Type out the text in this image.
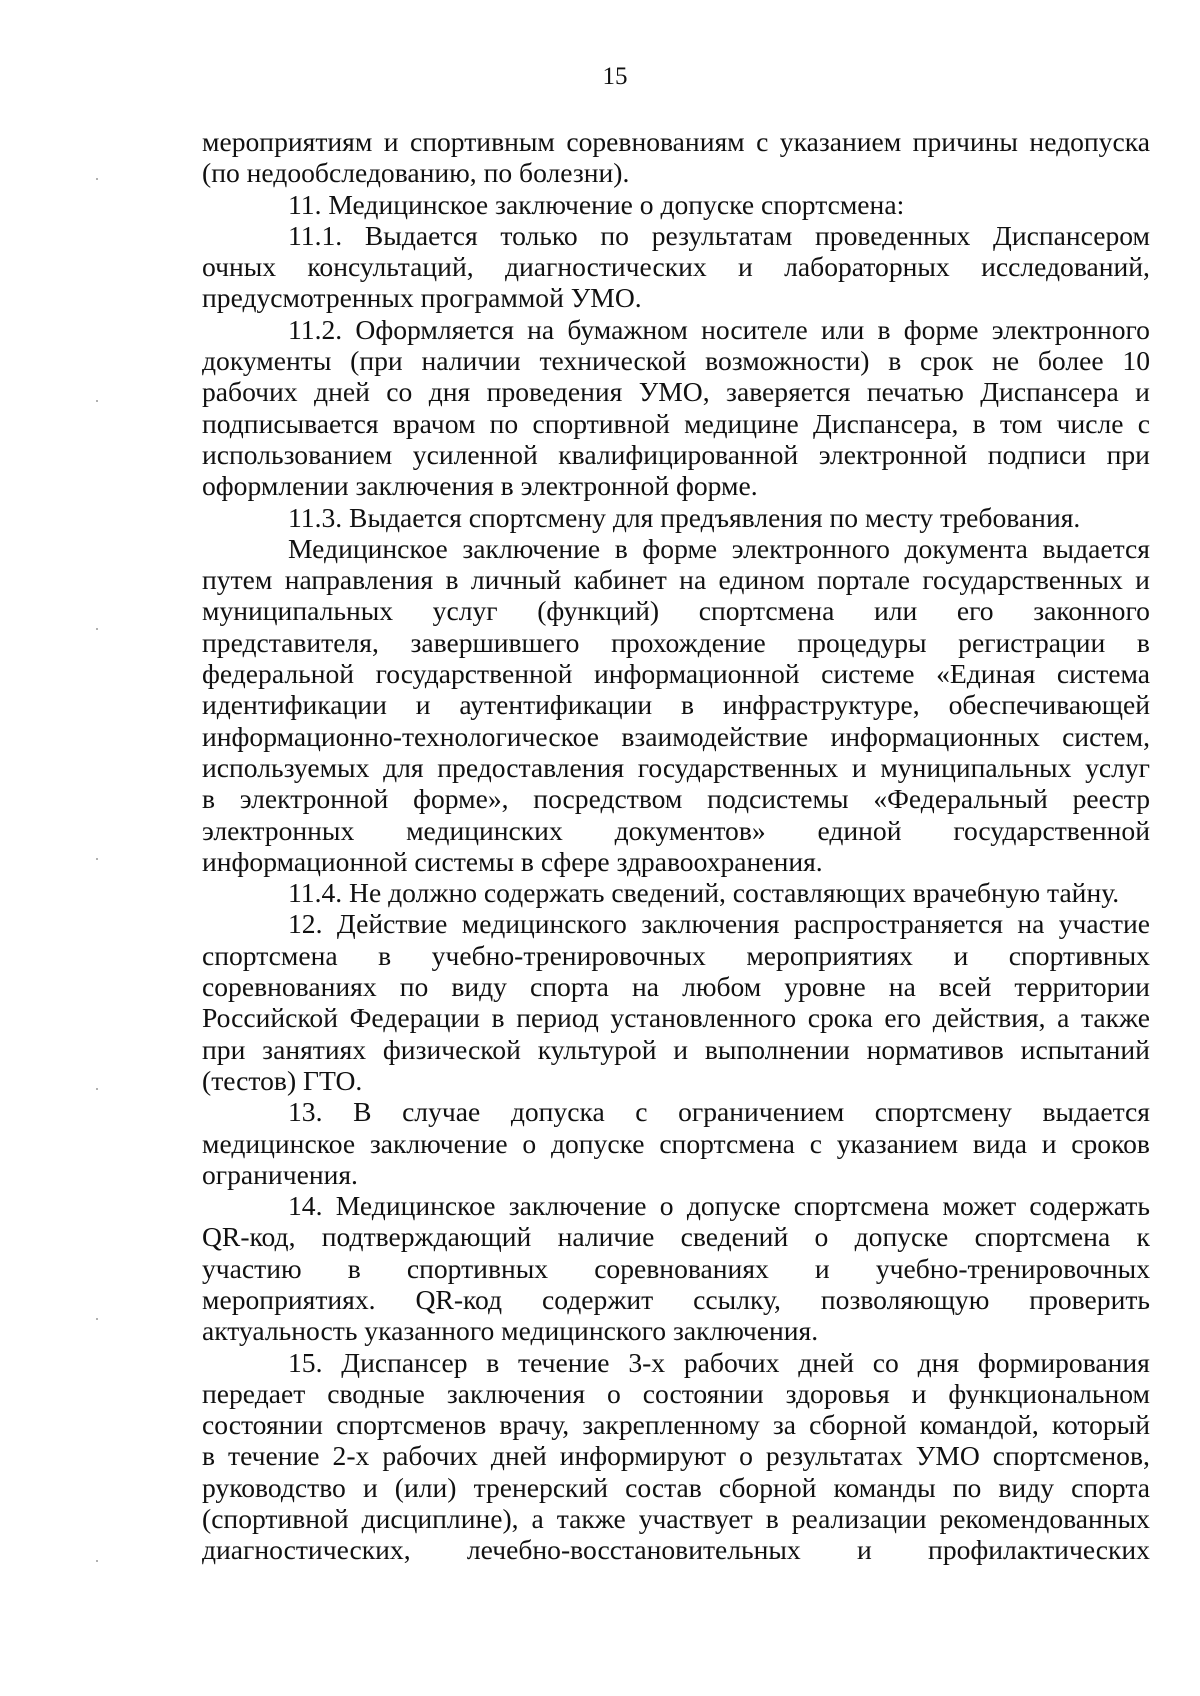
15
мероприятиям и спортивным соревнованиям с указанием причины недопуска
(по недообследованию, по болезни).
11. Медицинское заключение о допуске спортсмена:
11.1. Выдается только по результатам проведенных Диспансером
очных консультаций, диагностических и лабораторных исследований,
предусмотренных программой УМО.
11.2. Оформляется на бумажном носителе или в форме электронного
документы (при наличии технической возможности) в срок не более 10
рабочих дней со дня проведения УМО, заверяется печатью Диспансера и
подписывается врачом по спортивной медицине Диспансера, в том числе с
использованием усиленной квалифицированной электронной подписи при
оформлении заключения в электронной форме.
11.3. Выдается спортсмену для предъявления по месту требования.
Медицинское заключение в форме электронного документа выдается
путем направления в личный кабинет на едином портале государственных и
муниципальных услуг (функций) спортсмена или его законного
представителя, завершившего прохождение процедуры регистрации в
федеральной государственной информационной системе «Единая система
идентификации и аутентификации в инфраструктуре, обеспечивающей
информационно-технологическое взаимодействие информационных систем,
используемых для предоставления государственных и муниципальных услуг
в электронной форме», посредством подсистемы «Федеральный реестр
электронных медицинских документов» единой государственной
информационной системы в сфере здравоохранения.
11.4. Не должно содержать сведений, составляющих врачебную тайну.
12. Действие медицинского заключения распространяется на участие
спортсмена в учебно-тренировочных мероприятиях и спортивных
соревнованиях по виду спорта на любом уровне на всей территории
Российской Федерации в период установленного срока его действия, а также
при занятиях физической культурой и выполнении нормативов испытаний
(тестов) ГТО.
13. В случае допуска с ограничением спортсмену выдается
медицинское заключение о допуске спортсмена с указанием вида и сроков
ограничения.
14. Медицинское заключение о допуске спортсмена может содержать
QR-код, подтверждающий наличие сведений о допуске спортсмена к
участию в спортивных соревнованиях и учебно-тренировочных
мероприятиях. QR-код содержит ссылку, позволяющую проверить
актуальность указанного медицинского заключения.
15. Диспансер в течение 3-х рабочих дней со дня формирования
передает сводные заключения о состоянии здоровья и функциональном
состоянии спортсменов врачу, закрепленному за сборной командой, который
в течение 2-х рабочих дней информируют о результатах УМО спортсменов,
руководство и (или) тренерский состав сборной команды по виду спорта
(спортивной дисциплине), а также участвует в реализации рекомендованных
диагностических, лечебно-восстановительных и профилактических
